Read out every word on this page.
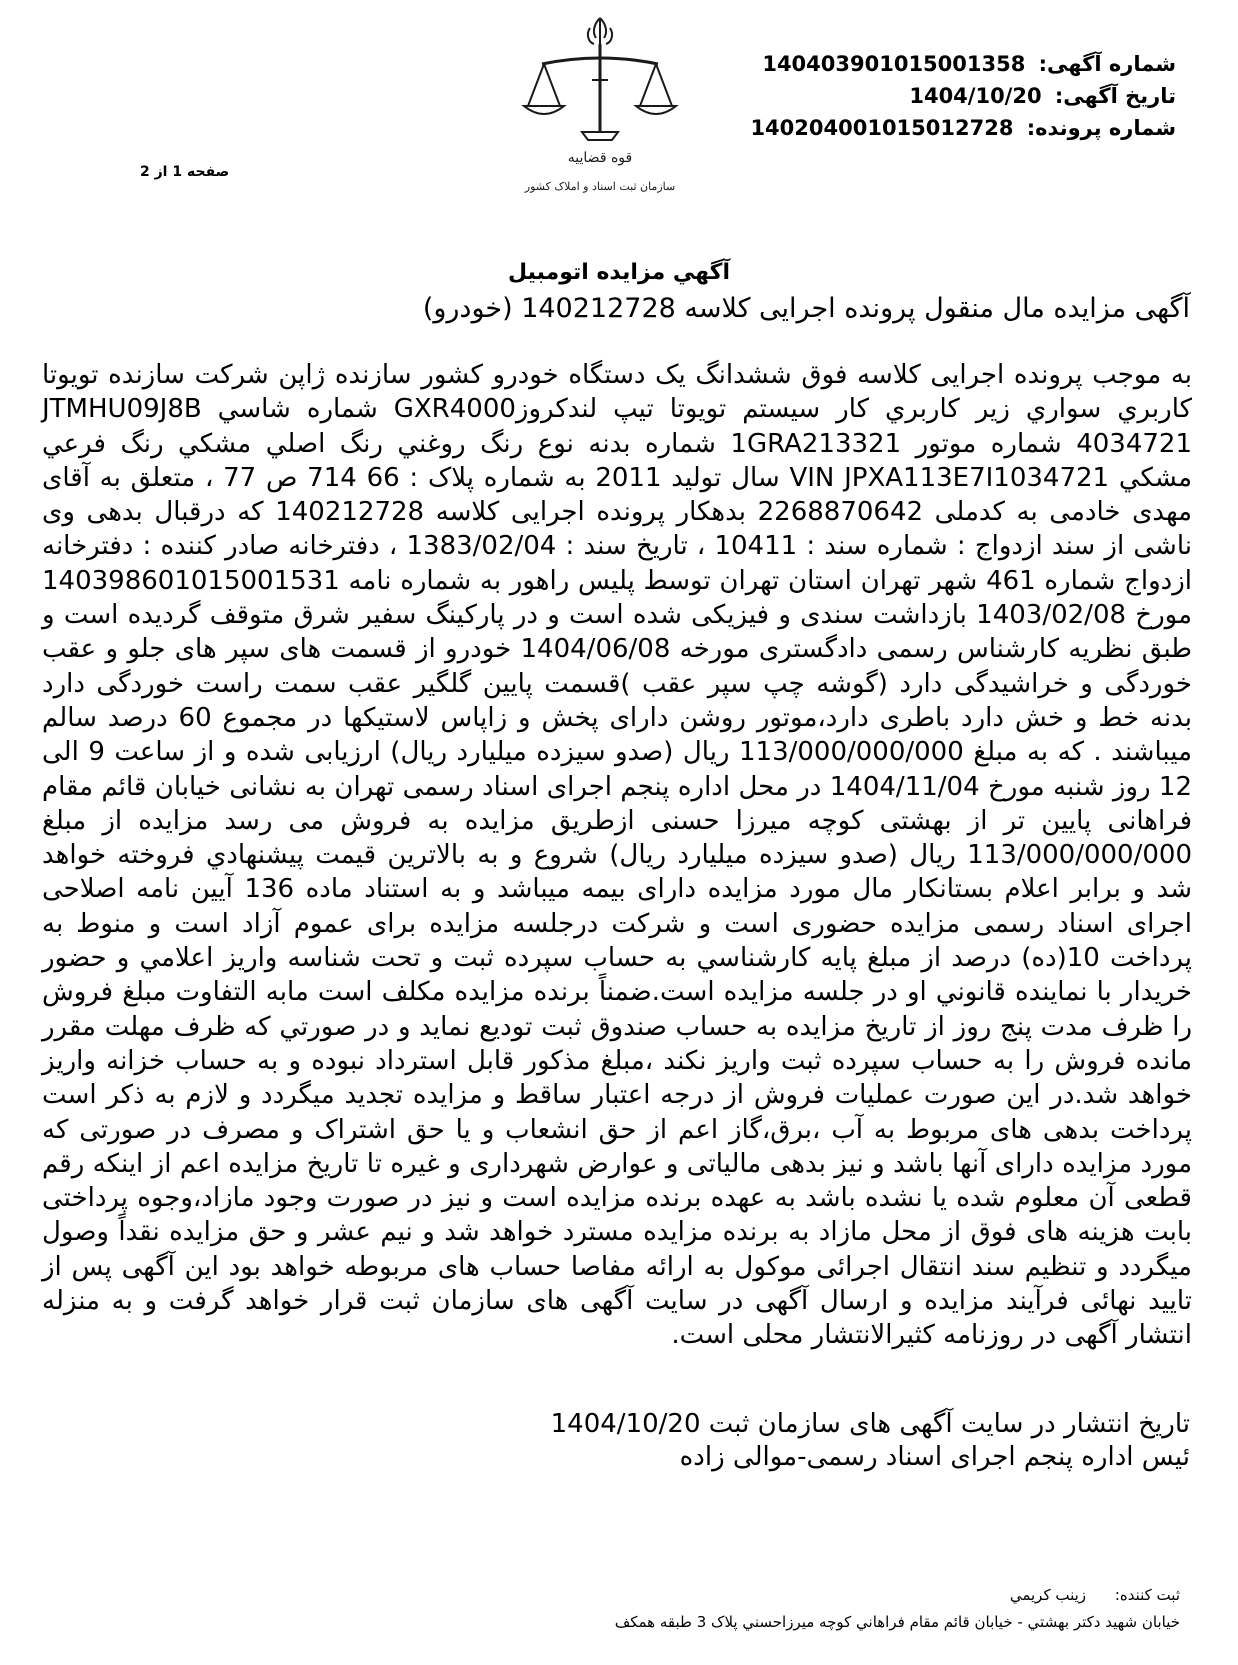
شماره آگهی: 140403901015001358
تاریخ آگهی: 1404/10/20
شماره پرونده: 140204001015012728
قوه قضاییه
سازمان ثبت اسناد و املاک کشور
صفحه 1 از 2
آگهي مزايده اتومبيل
آگهی مزایده مال منقول پرونده اجرایی کلاسه 140212728 (خودرو)
به موجب پرونده اجرایی کلاسه فوق ششدانگ یک دستگاه خودرو کشور سازنده ژاپن شرکت سازنده تویوتا کاربري سواري زير كاربري كار سيستم تويوتا تيپ لندكروزGXR4000 شماره شاسي JTMHU09J8B 4034721 شماره موتور 1GRA213321 شماره بدنه نوع رنگ روغني رنگ اصلي مشكي رنگ فرعي مشكي VIN JPXA113E7I1034721 سال تولید 2011 به شماره پلاک : 66 714 ص 77 ، متعلق به آقای مهدی خادمی به کدملی 2268870642 بدهکار پرونده اجرایی کلاسه 140212728 که درقبال بدهی وی ناشی از سند ازدواج : شماره سند : 10411 ، تاریخ سند : 1383/02/04 ، دفترخانه صادر کننده : دفترخانه ازدواج شماره 461 شهر تهران استان تهران توسط پلیس راهور به شماره نامه 140398601015001531 مورخ 1403/02/08 بازداشت سندی و فیزیکی شده است و در پارکینگ سفیر شرق متوقف گردیده است و طبق نظریه کارشناس رسمی دادگستری مورخه 1404/06/08 خودرو از قسمت های سپر های جلو و عقب خوردگی و خراشیدگی دارد (گوشه چپ سپر عقب )قسمت پایین گلگیر عقب سمت راست خوردگی دارد بدنه خط و خش دارد باطری دارد،موتور روشن دارای پخش و زاپاس لاستیکها در مجموع 60 درصد سالم میباشند . که به مبلغ 113/000/000/000 ریال (صدو سیزده میلیارد ریال) ارزیابی شده و از ساعت 9 الی 12 روز شنبه مورخ 1404/11/04 در محل اداره پنجم اجرای اسناد رسمی تهران به نشانی خیابان قائم مقام فراهانی پایین تر از بهشتی کوچه میرزا حسنی ازطریق مزایده به فروش می رسد مزایده از مبلغ 113/000/000/000 ریال (صدو سیزده میلیارد ریال) شروع و به بالاترين قيمت پيشنهادي فروخته خواهد شد و برابر اعلام بستانکار مال مورد مزایده دارای بیمه میباشد و به استناد ماده 136 آیین نامه اصلاحی اجرای اسناد رسمی مزایده حضوری است و شرکت درجلسه مزایده برای عموم آزاد است و منوط به پرداخت 10(ده) درصد از مبلغ پايه كارشناسي به حساب سپرده ثبت و تحت شناسه واريز اعلامي و حضور خريدار با نماينده قانوني او در جلسه مزايده است.ضمناً برنده مزایده مكلف است مابه التفاوت مبلغ فروش را ظرف مدت پنج روز از تاريخ مزايده به حساب صندوق ثبت توديع نمايد و در صورتي كه ظرف مهلت مقرر مانده فروش را به حساب سپرده ثبت واريز نكند ،مبلغ مذكور قابل استرداد نبوده و به حساب خزانه واريز خواهد شد.در اين صورت عمليات فروش از درجه اعتبار ساقط و مزايده تجديد ميگردد و لازم به ذکر است پرداخت بدهی های مربوط به آب ،برق،گاز اعم از حق انشعاب و یا حق اشتراک و مصرف در صورتی که مورد مزایده دارای آنها باشد و نیز بدهی مالیاتی و عوارض شهرداری و غیره تا تاریخ مزایده اعم از اینکه رقم قطعی آن معلوم شده یا نشده باشد به عهده برنده مزایده است و نیز در صورت وجود مازاد،وجوه پرداختی بابت هزینه های فوق از محل مازاد به برنده مزایده مسترد خواهد شد و نیم عشر و حق مزایده نقداً وصول میگردد و تنظیم سند انتقال اجرائی موکول به ارائه مفاصا حساب های مربوطه خواهد بود این آگهی پس از تایید نهائی فرآیند مزایده و ارسال آگهی در سایت آگهی های سازمان ثبت قرار خواهد گرفت و به منزله انتشار آگهی در روزنامه کثیرالانتشار محلی است.
تاریخ انتشار در سایت آگهی های سازمان ثبت 1404/10/20
ئیس اداره پنجم اجرای اسناد رسمی-موالی زاده
ثبت کننده: زينب كريمي
خيابان شهيد دكتر بهشتي - خيابان قائم مقام فراهاني كوچه ميرزاحسني پلاک 3 طبقه همكف
